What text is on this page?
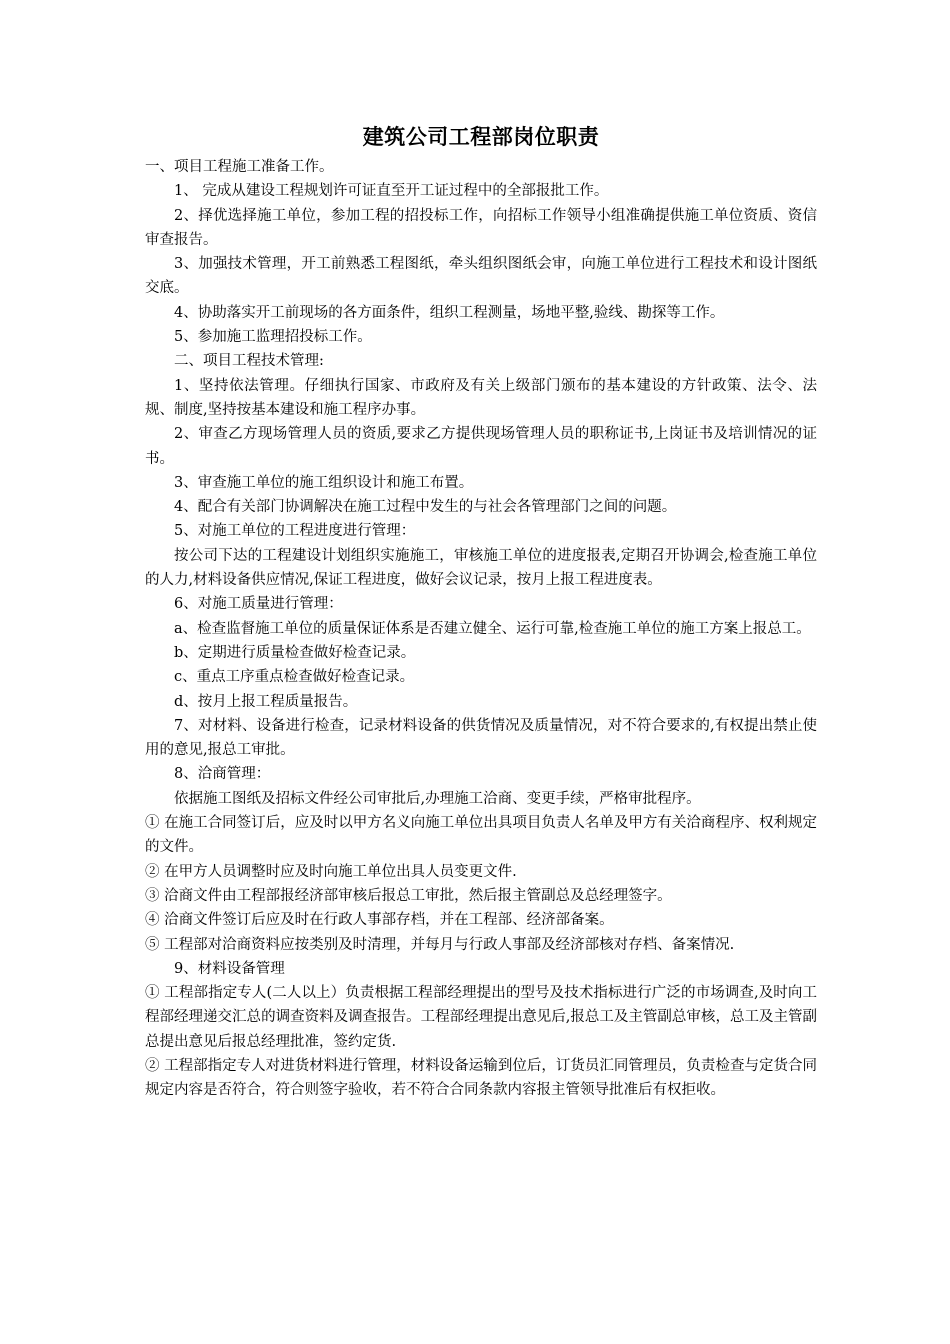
建筑公司工程部岗位职责

一、项目工程施工准备工作。

1、 完成从建设工程规划许可证直至开工证过程中的全部报批工作。

2、择优选择施工单位，参加工程的招投标工作，向招标工作领导小组准确提供施工单位资质、资信审查报告。

3、加强技术管理，开工前熟悉工程图纸，牵头组织图纸会审，向施工单位进行工程技术和设计图纸交底。

4、协助落实开工前现场的各方面条件，组织工程测量，场地平整,验线、勘探等工作。

5、参加施工监理招投标工作。

二、项目工程技术管理:

1、坚持依法管理。仔细执行国家、市政府及有关上级部门颁布的基本建设的方针政策、法令、法规、制度,坚持按基本建设和施工程序办事。

2、审查乙方现场管理人员的资质,要求乙方提供现场管理人员的职称证书,上岗证书及培训情况的证书。

3、审查施工单位的施工组织设计和施工布置。

4、配合有关部门协调解决在施工过程中发生的与社会各管理部门之间的问题。

5、对施工单位的工程进度进行管理：

按公司下达的工程建设计划组织实施施工，审核施工单位的进度报表,定期召开协调会,检查施工单位的人力,材料设备供应情况,保证工程进度，做好会议记录，按月上报工程进度表。

6、对施工质量进行管理：

a、检查监督施工单位的质量保证体系是否建立健全、运行可靠,检查施工单位的施工方案上报总工。

b、定期进行质量检查做好检查记录。

c、重点工序重点检查做好检查记录。

d、按月上报工程质量报告。

7、对材料、设备进行检查，记录材料设备的供货情况及质量情况，对不符合要求的,有权提出禁止使用的意见,报总工审批。

8、洽商管理：

依据施工图纸及招标文件经公司审批后,办理施工洽商、变更手续，严格审批程序。

① 在施工合同签订后，应及时以甲方名义向施工单位出具项目负责人名单及甲方有关洽商程序、权利规定的文件。

② 在甲方人员调整时应及时向施工单位出具人员变更文件.

③ 洽商文件由工程部报经济部审核后报总工审批，然后报主管副总及总经理签字。

④ 洽商文件签订后应及时在行政人事部存档，并在工程部、经济部备案。

⑤ 工程部对洽商资料应按类别及时清理，并每月与行政人事部及经济部核对存档、备案情况.

9、材料设备管理

① 工程部指定专人(二人以上）负责根据工程部经理提出的型号及技术指标进行广泛的市场调查,及时向工程部经理递交汇总的调查资料及调查报告。工程部经理提出意见后,报总工及主管副总审核，总工及主管副总提出意见后报总经理批准，签约定货.

② 工程部指定专人对进货材料进行管理，材料设备运输到位后，订货员汇同管理员，负责检查与定货合同规定内容是否符合，符合则签字验收，若不符合合同条款内容报主管领导批准后有权拒收。
